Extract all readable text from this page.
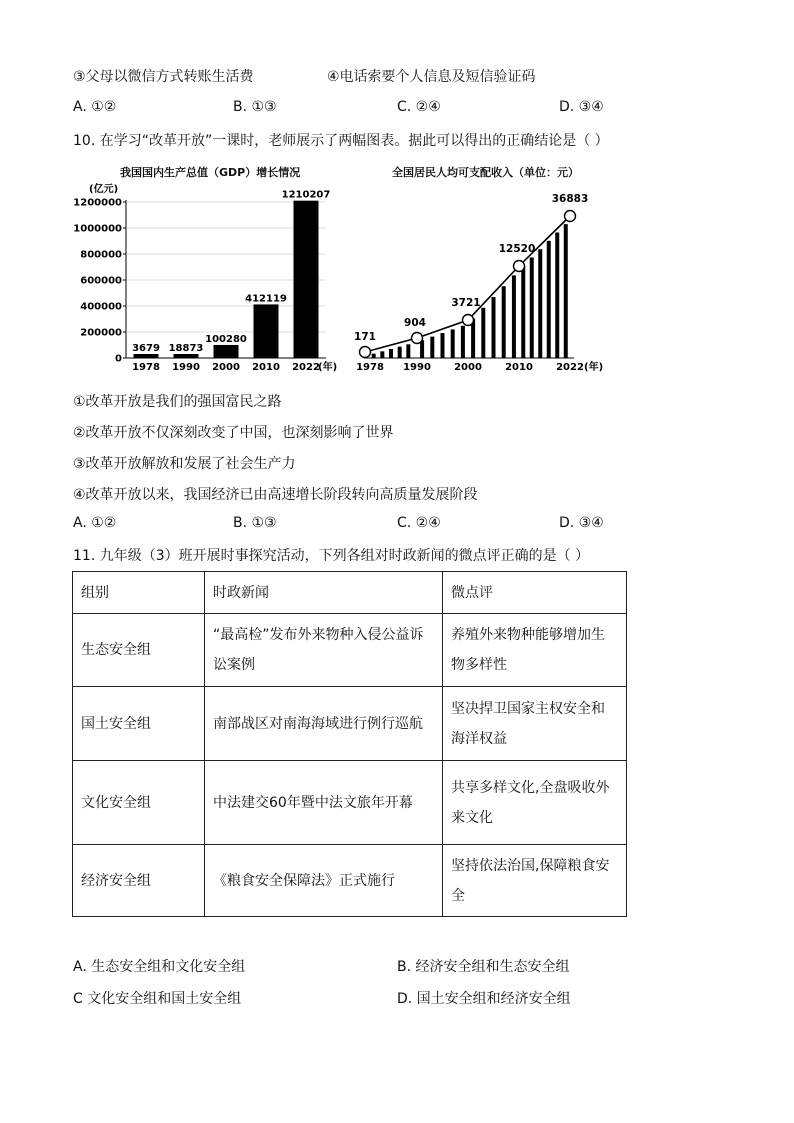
③父母以微信方式转账生活费	④电话索要个人信息及短信验证码
A. ①②	B. ①③	C. ②④	D. ③④
10. 在学习“改革开放”一课时，老师展示了两幅图表。据此可以得出的正确结论是（ ）
我国国内生产总值（GDP）增长情况	全国居民人均可支配收入（单位：元）
(亿元)
0
200000
400000
600000
800000
1000000
1200000
3679 18873
100280
412119
1210207
1978 1990 2000 2010 2022
(年)
171
904
3721
12520
36883
1978 1990 2000 2010 2022 (年)
①改革开放是我们的强国富民之路
②改革开放不仅深刻改变了中国，也深刻影响了世界
③改革开放解放和发展了社会生产力
④改革开放以来，我国经济已由高速增长阶段转向高质量发展阶段
A. ①②	B. ①③	C. ②④	D. ③④
11. 九年级（3）班开展时事探究活动，下列各组对时政新闻的微点评正确的是（ ）
组别	时政新闻	微点评
生态安全组	“最高检”发布外来物种入侵公益诉讼案例	养殖外来物种能够增加生物多样性
国土安全组	南部战区对南海海域进行例行巡航	坚决捍卫国家主权安全和海洋权益
文化安全组	中法建交60年暨中法文旅年开幕	共享多样文化,全盘吸收外来文化
经济安全组	《粮食安全保障法》正式施行	坚持依法治国,保障粮食安全
A. 生态安全组和文化安全组	B. 经济安全组和生态安全组
C 文化安全组和国土安全组	D. 国土安全组和经济安全组
